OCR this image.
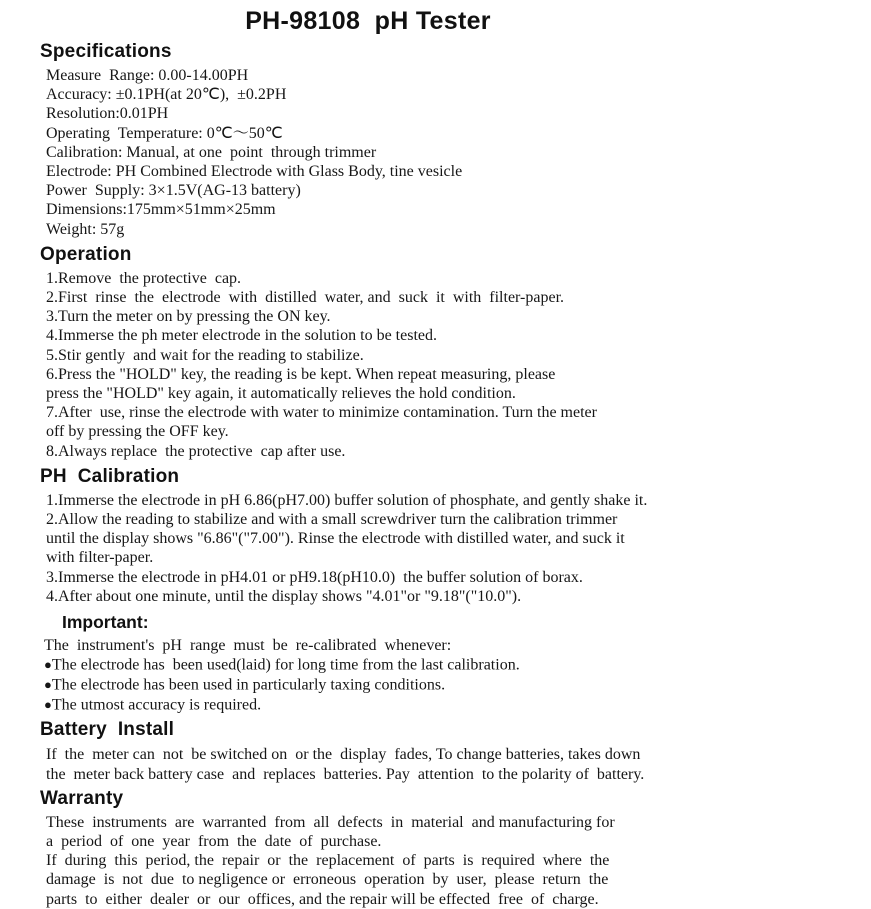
PH-98108  pH Tester
Specifications

Measure  Range: 0.00-14.00PH

Accuracy: ±0.1PH(at 20℃),  ±0.2PH

Resolution:0.01PH

Operating  Temperature: 0℃～50℃

Calibration: Manual, at one  point  through trimmer

Electrode: PH Combined Electrode with Glass Body, tine vesicle

Power  Supply: 3×1.5V(AG-13 battery)

Dimensions:175mm×51mm×25mm

Weight: 57g

Operation

1.Remove  the protective  cap.

2.First  rinse  the  electrode  with  distilled  water, and  suck  it  with  filter-paper.

3.Turn the meter on by pressing the ON key.

4.Immerse the ph meter electrode in the solution to be tested.

5.Stir gently  and wait for the reading to stabilize.

6.Press the "HOLD" key, the reading is be kept. When repeat measuring, please

press the "HOLD" key again, it automatically relieves the hold condition.

7.After  use, rinse the electrode with water to minimize contamination. Turn the meter

off by pressing the OFF key.

8.Always replace  the protective  cap after use.

PH  Calibration

1.Immerse the electrode in pH 6.86(pH7.00) buffer solution of phosphate, and gently shake it.

2.Allow the reading to stabilize and with a small screwdriver turn the calibration trimmer

until the display shows "6.86"("7.00"). Rinse the electrode with distilled water, and suck it

with filter-paper.

3.Immerse the electrode in pH4.01 or pH9.18(pH10.0)  the buffer solution of borax.

4.After about one minute, until the display shows "4.01"or "9.18"("10.0").

Important:

The  instrument's  pH  range  must  be  re-calibrated  whenever:

●The electrode has  been used(laid) for long time from the last calibration.

●The electrode has been used in particularly taxing conditions.

●The utmost accuracy is required.

Battery  Install

If  the  meter can  not  be switched on  or the  display  fades, To change batteries, takes down

the  meter back battery case  and  replaces  batteries. Pay  attention  to the polarity of  battery.

Warranty

These  instruments  are  warranted  from  all  defects  in  material  and manufacturing for

a  period  of  one  year  from  the  date  of  purchase.

If  during  this  period, the  repair  or  the  replacement  of  parts  is  required  where  the

damage  is  not  due  to negligence or  erroneous  operation  by  user,  please  return  the

parts  to  either  dealer  or  our  offices, and the repair will be effected  free  of  charge.
